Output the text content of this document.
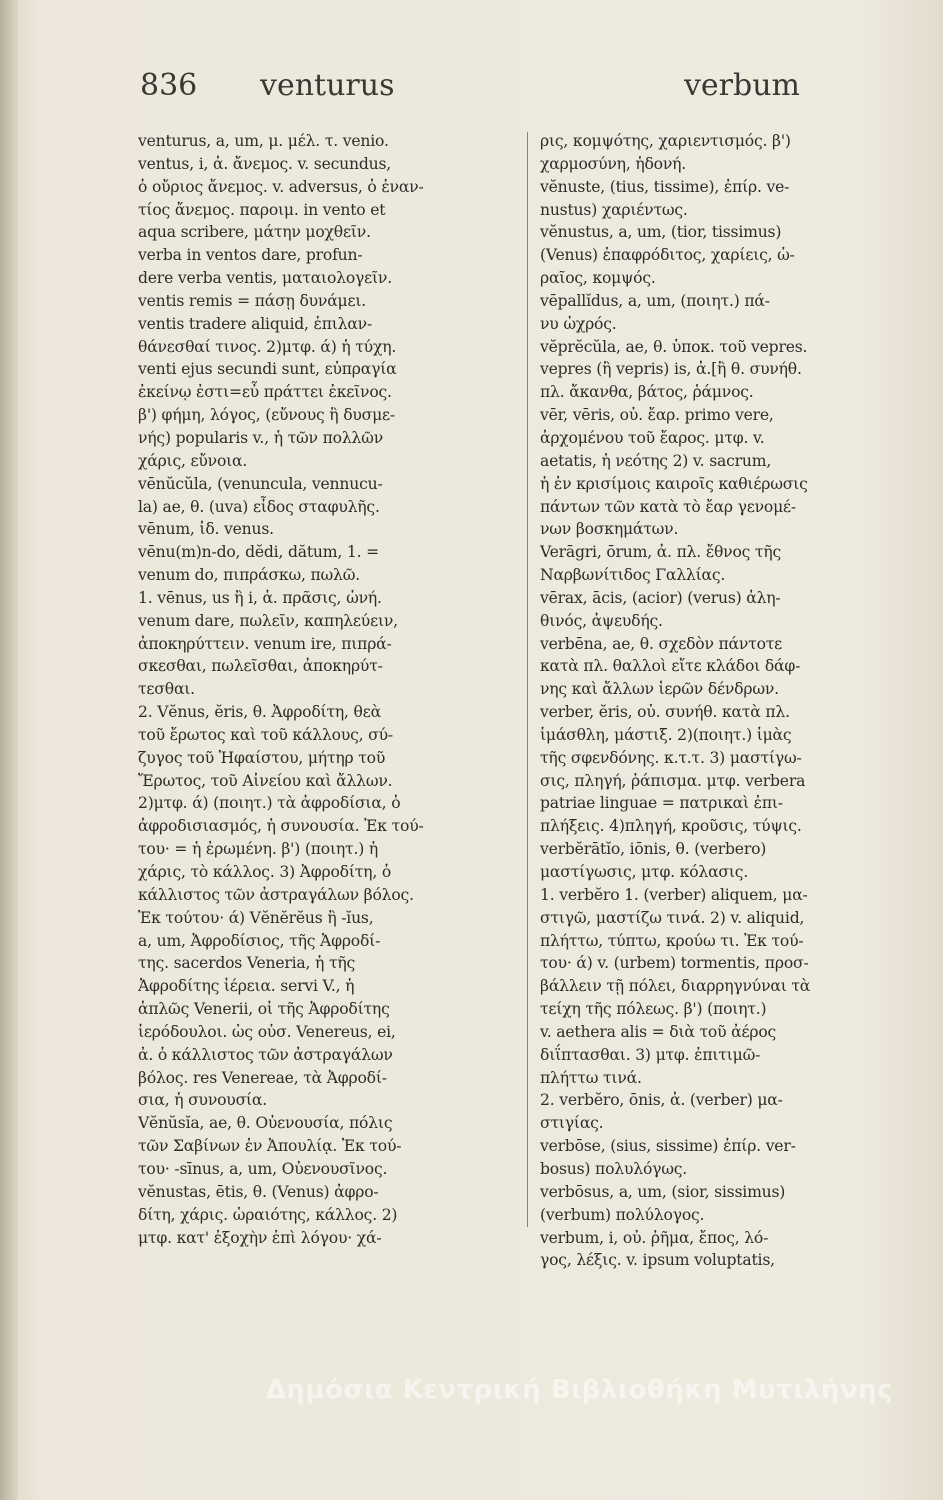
836 venturus	verbum
venturus, a, um, μ. μέλ. τ. venio.
ventus, i, ἀ. ἄνεμος. v. secundus,
ὁ οὔριος ἄνεμος. v. adversus, ὁ ἐναν-
τίος ἄνεμος. παροιμ. in vento et
aqua scribere, μάτην μοχθεῖν.
verba in ventos dare, profun-
dere verba ventis, ματαιολογεῖν.
ventis remis = πάσῃ δυνάμει.
ventis tradere aliquid, ἐπιλαν-
θάνεσθαί τινος. 2)μτφ. ά) ἡ τύχη.
venti ejus secundi sunt, εὐπραγία
ἐκείνῳ ἐστι=εὖ πράττει ἐκεῖνος.
β') φήμη, λόγος, (εὔνους ἢ δυσμε-
νής) popularis v., ἡ τῶν πολλῶν
χάρις, εὔνοια.
vēnŭcŭla, (venuncula, vennucu-
la) ae, θ. (uva) εἶδος σταφυλῆς.
vēnum, ἰδ. venus.
vēnu(m)n-do, dĕdi, dătum, 1. =
venum do, πιπράσκω, πωλῶ.
1. vēnus, us ἢ i, ἀ. πρᾶσις, ὠνή.
venum dare, πωλεῖν, καπηλεύειν,
ἀποκηρύττειν. venum ire, πιπρά-
σκεσθαι, πωλεῖσθαι, ἀποκηρύτ-
τεσθαι.
2. Vĕnus, ĕris, θ. Ἀφροδίτη, θεὰ
τοῦ ἔρωτος καὶ τοῦ κάλλους, σύ-
ζυγος τοῦ Ἡφαίστου, μήτηρ τοῦ
Ἔρωτος, τοῦ Αἰνείου καὶ ἄλλων.
2)μτφ. ά) (ποιητ.) τὰ ἀφροδίσια, ὁ
ἀφροδισιασμός, ἡ συνουσία. Ἐκ τού-
του· = ἡ ἐρωμένη. β') (ποιητ.) ἡ
χάρις, τὸ κάλλος. 3) Ἀφροδίτη, ὁ
κάλλιστος τῶν ἀστραγάλων βόλος.
Ἐκ τούτου· ά) Vĕnĕrĕus ἢ -ĭus,
a, um, Ἀφροδίσιος, τῆς Ἀφροδί-
της. sacerdos Veneria, ἡ τῆς
Ἀφροδίτης ἱέρεια. servi V., ἡ
ἁπλῶς Venerii, οἱ τῆς Ἀφροδίτης
ἱερόδουλοι. ὡς οὐσ. Venereus, ei,
ἀ. ὁ κάλλιστος τῶν ἀστραγάλων
βόλος. res Venereae, τὰ Ἀφροδί-
σια, ἡ συνουσία.
Vĕnŭsĭa, ae, θ. Οὐενουσία, πόλις
τῶν Σαβίνων ἐν Ἀπουλίᾳ. Ἐκ τού-
του· -sīnus, a, um, Οὐενουσῖνος.
vĕnustas, ētis, θ. (Venus) ἀφρο-
δίτη, χάρις. ὡραιότης, κάλλος. 2)
μτφ. κατ' ἐξοχὴν ἐπὶ λόγου· χά-
ρις, κομψότης, χαριεντισμός. β')
χαρμοσύνη, ἡδονή.
vĕnuste, (tius, tissime), ἐπίρ. ve-
nustus) χαριέντως.
vĕnustus, a, um, (tior, tissimus)
(Venus) ἐπαφρόδιτος, χαρίεις, ὡ-
ραῖος, κομψός.
vēpallĭdus, a, um, (ποιητ.) πά-
νυ ὠχρός.
vĕprĕcŭla, ae, θ. ὑποκ. τοῦ vepres.
vepres (ἢ vepris) is, ἀ.[ἢ θ. συνήθ.
πλ. ἄκανθα, βάτος, ῥάμνος.
vēr, vēris, οὐ. ἔαρ. primo vere,
ἀρχομένου τοῦ ἔαρος. μτφ. v.
aetatis, ἡ νεότης 2) v. sacrum,
ἡ ἐν κρισίμοις καιροῖς καθιέρωσις
πάντων τῶν κατὰ τὸ ἔαρ γενομέ-
νων βοσκημάτων.
Verāgri, ōrum, ἀ. πλ. ἔθνος τῆς
Ναρβωνίτιδος Γαλλίας.
vērax, ācis, (acior) (verus) ἀλη-
θινός, ἀψευδής.
verbēna, ae, θ. σχεδὸν πάντοτε
κατὰ πλ. θαλλοὶ εἴτε κλάδοι δάφ-
νης καὶ ἄλλων ἱερῶν δένδρων.
verber, ĕris, οὐ. συνήθ. κατὰ πλ.
ἱμάσθλη, μάστιξ. 2)(ποιητ.) ἱμὰς
τῆς σφενδόνης. κ.τ.τ. 3) μαστίγω-
σις, πληγή, ῥάπισμα. μτφ. verbera
patriae linguae = πατρικαὶ ἐπι-
πλήξεις. 4)πληγή, κροῦσις, τύψις.
verbĕrātĭo, iōnis, θ. (verbero)
μαστίγωσις, μτφ. κόλασις.
1. verbĕro 1. (verber) aliquem, μα-
στιγῶ, μαστίζω τινά. 2) v. aliquid,
πλήττω, τύπτω, κρούω τι. Ἐκ τού-
του· ά) v. (urbem) tormentis, προσ-
βάλλειν τῇ πόλει, διαρρηγνύναι τὰ
τείχη τῆς πόλεως. β') (ποιητ.)
v. aethera alis = διὰ τοῦ ἀέρος
διΐπτασθαι. 3) μτφ. ἐπιτιμῶ-
πλήττω τινά.
2. verbĕro, ōnis, ἀ. (verber) μα-
στιγίας.
verbōse, (sius, sissime) ἐπίρ. ver-
bosus) πολυλόγως.
verbōsus, a, um, (sior, sissimus)
(verbum) πολύλογος.
verbum, i, οὐ. ῥῆμα, ἔπος, λό-
γος, λέξις. v. ipsum voluptatis,
Δημόσια Κεντρική Βιβλιοθήκη Μυτιλήνης
